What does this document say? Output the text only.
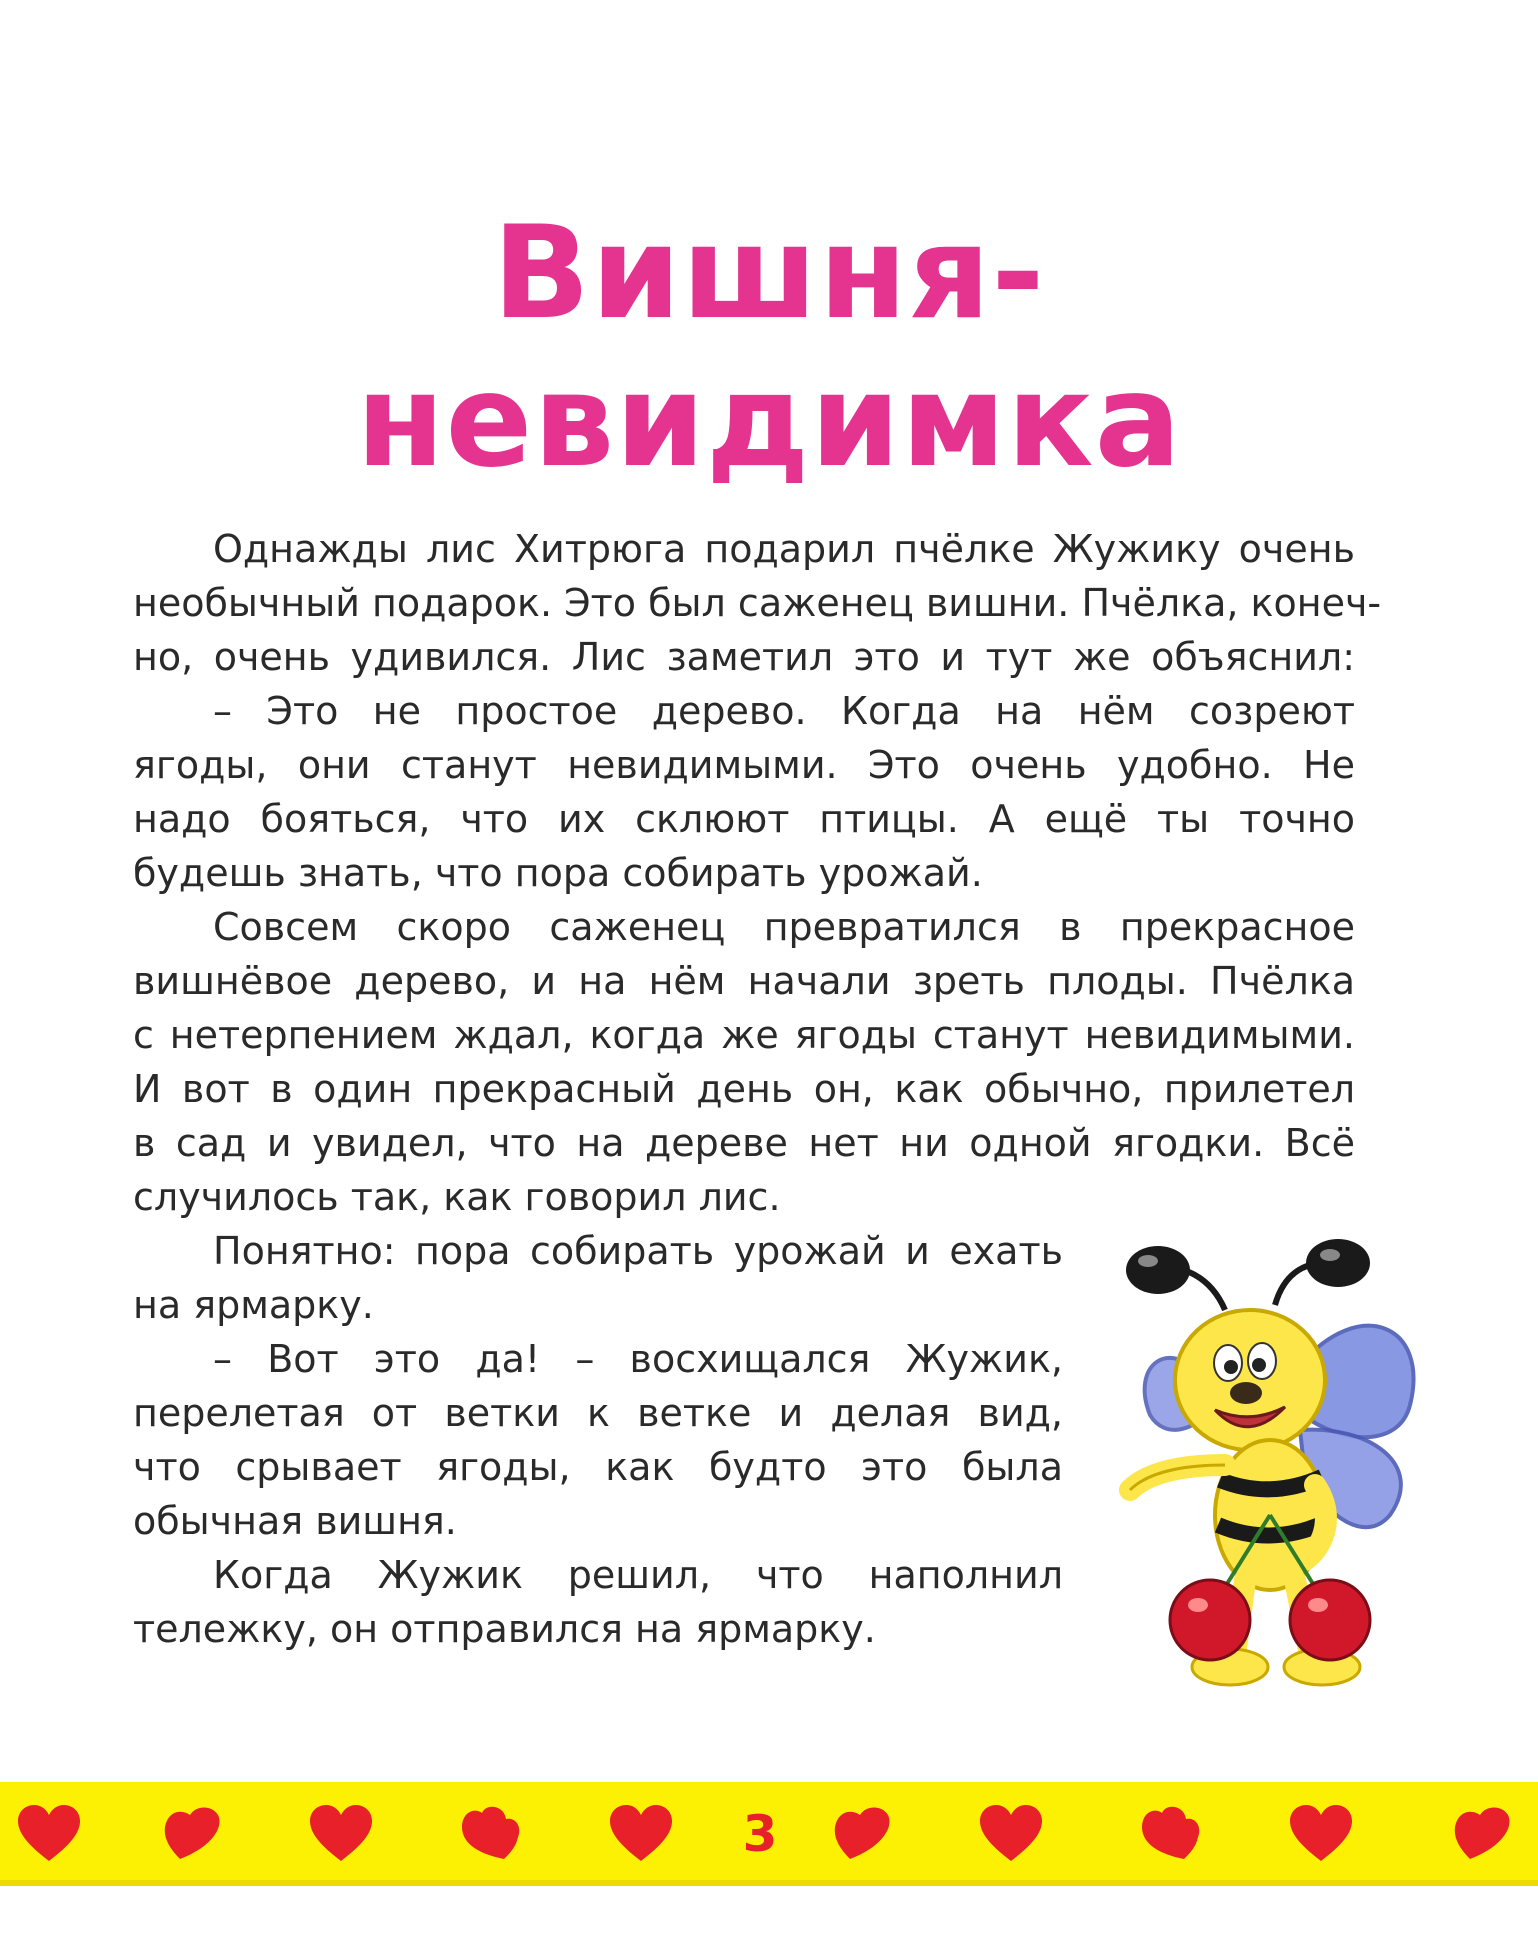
Вишня-
невидимка
Однажды лис Хитрюга подарил пчёлке Жужику очень
необычный подарок. Это был саженец вишни. Пчёлка, конеч-
но, очень удивился. Лис заметил это и тут же объяснил:
– Это не простое дерево. Когда на нём созреют
ягоды, они станут невидимыми. Это очень удобно. Не
надо бояться, что их склюют птицы. А ещё ты точно
будешь знать, что пора собирать урожай.
Совсем скоро саженец превратился в прекрасное
вишнёвое дерево, и на нём начали зреть плоды. Пчёлка
с нетерпением ждал, когда же ягоды станут невидимыми.
И вот в один прекрасный день он, как обычно, прилетел
в сад и увидел, что на дереве нет ни одной ягодки. Всё
случилось так, как говорил лис.
Понятно: пора собирать урожай и ехать
на ярмарку.
– Вот это да! – восхищался Жужик,
перелетая от ветки к ветке и делая вид,
что срывает ягоды, как будто это была
обычная вишня.
Когда Жужик решил, что наполнил
тележку, он отправился на ярмарку.
3
